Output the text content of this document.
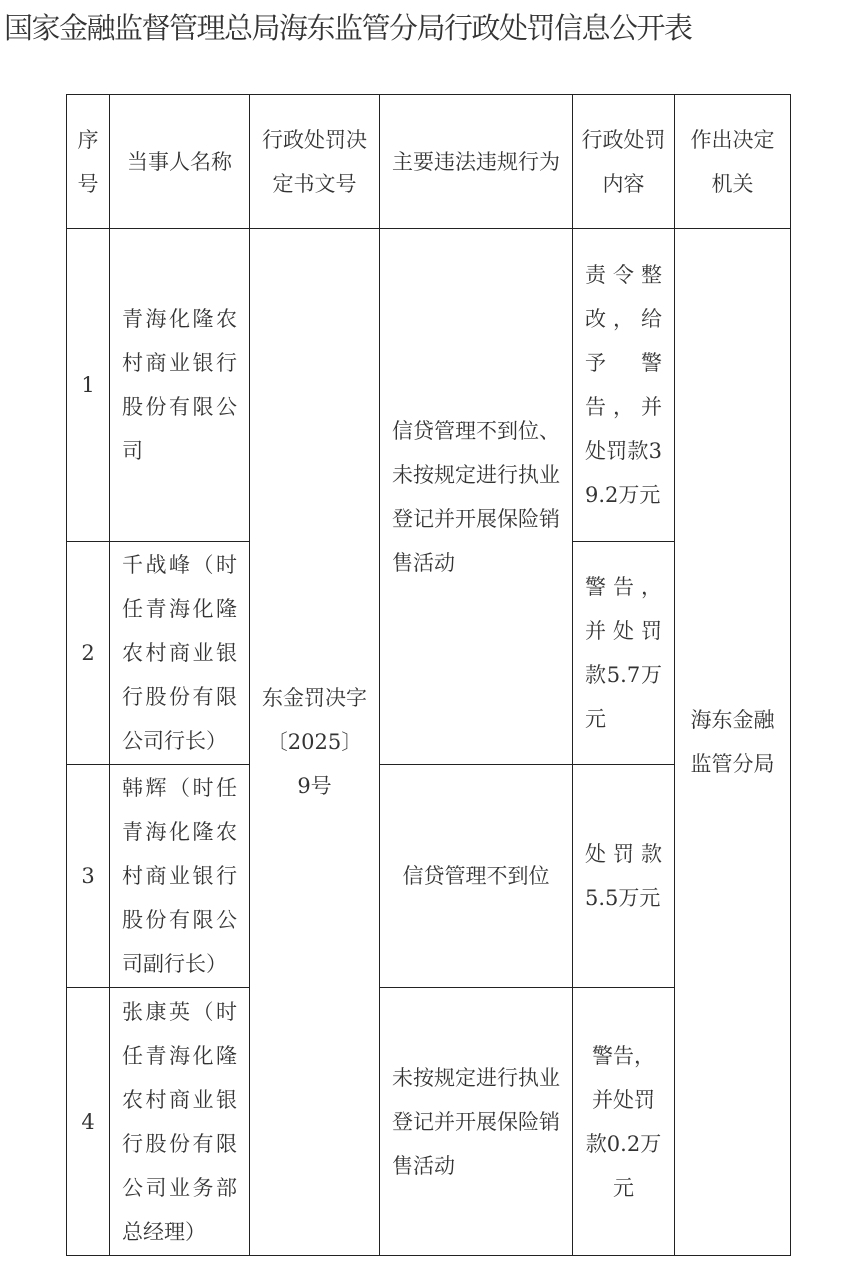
国家金融监督管理总局海东监管分局行政处罚信息公开表
序号	当事人名称	行政处罚决定书文号	主要违法违规行为	行政处罚内容	作出决定机关
1	青海化隆农村商业银行股份有限公司	东金罚决字〔2025〕9号	信贷管理不到位、未按规定进行执业登记并开展保险销售活动	责令整改，给予警告，并处罚款39.2万元	海东金融监管分局
2	千战峰（时任青海化隆农村商业银行股份有限公司行长）			警告，并处罚款5.7万元	
3	韩辉（时任青海化隆农村商业银行股份有限公司副行长）		信贷管理不到位	处罚款5.5万元	
4	张康英（时任青海化隆农村商业银行股份有限公司业务部总经理）		未按规定进行执业登记并开展保险销售活动	警告，并处罚款0.2万元	
